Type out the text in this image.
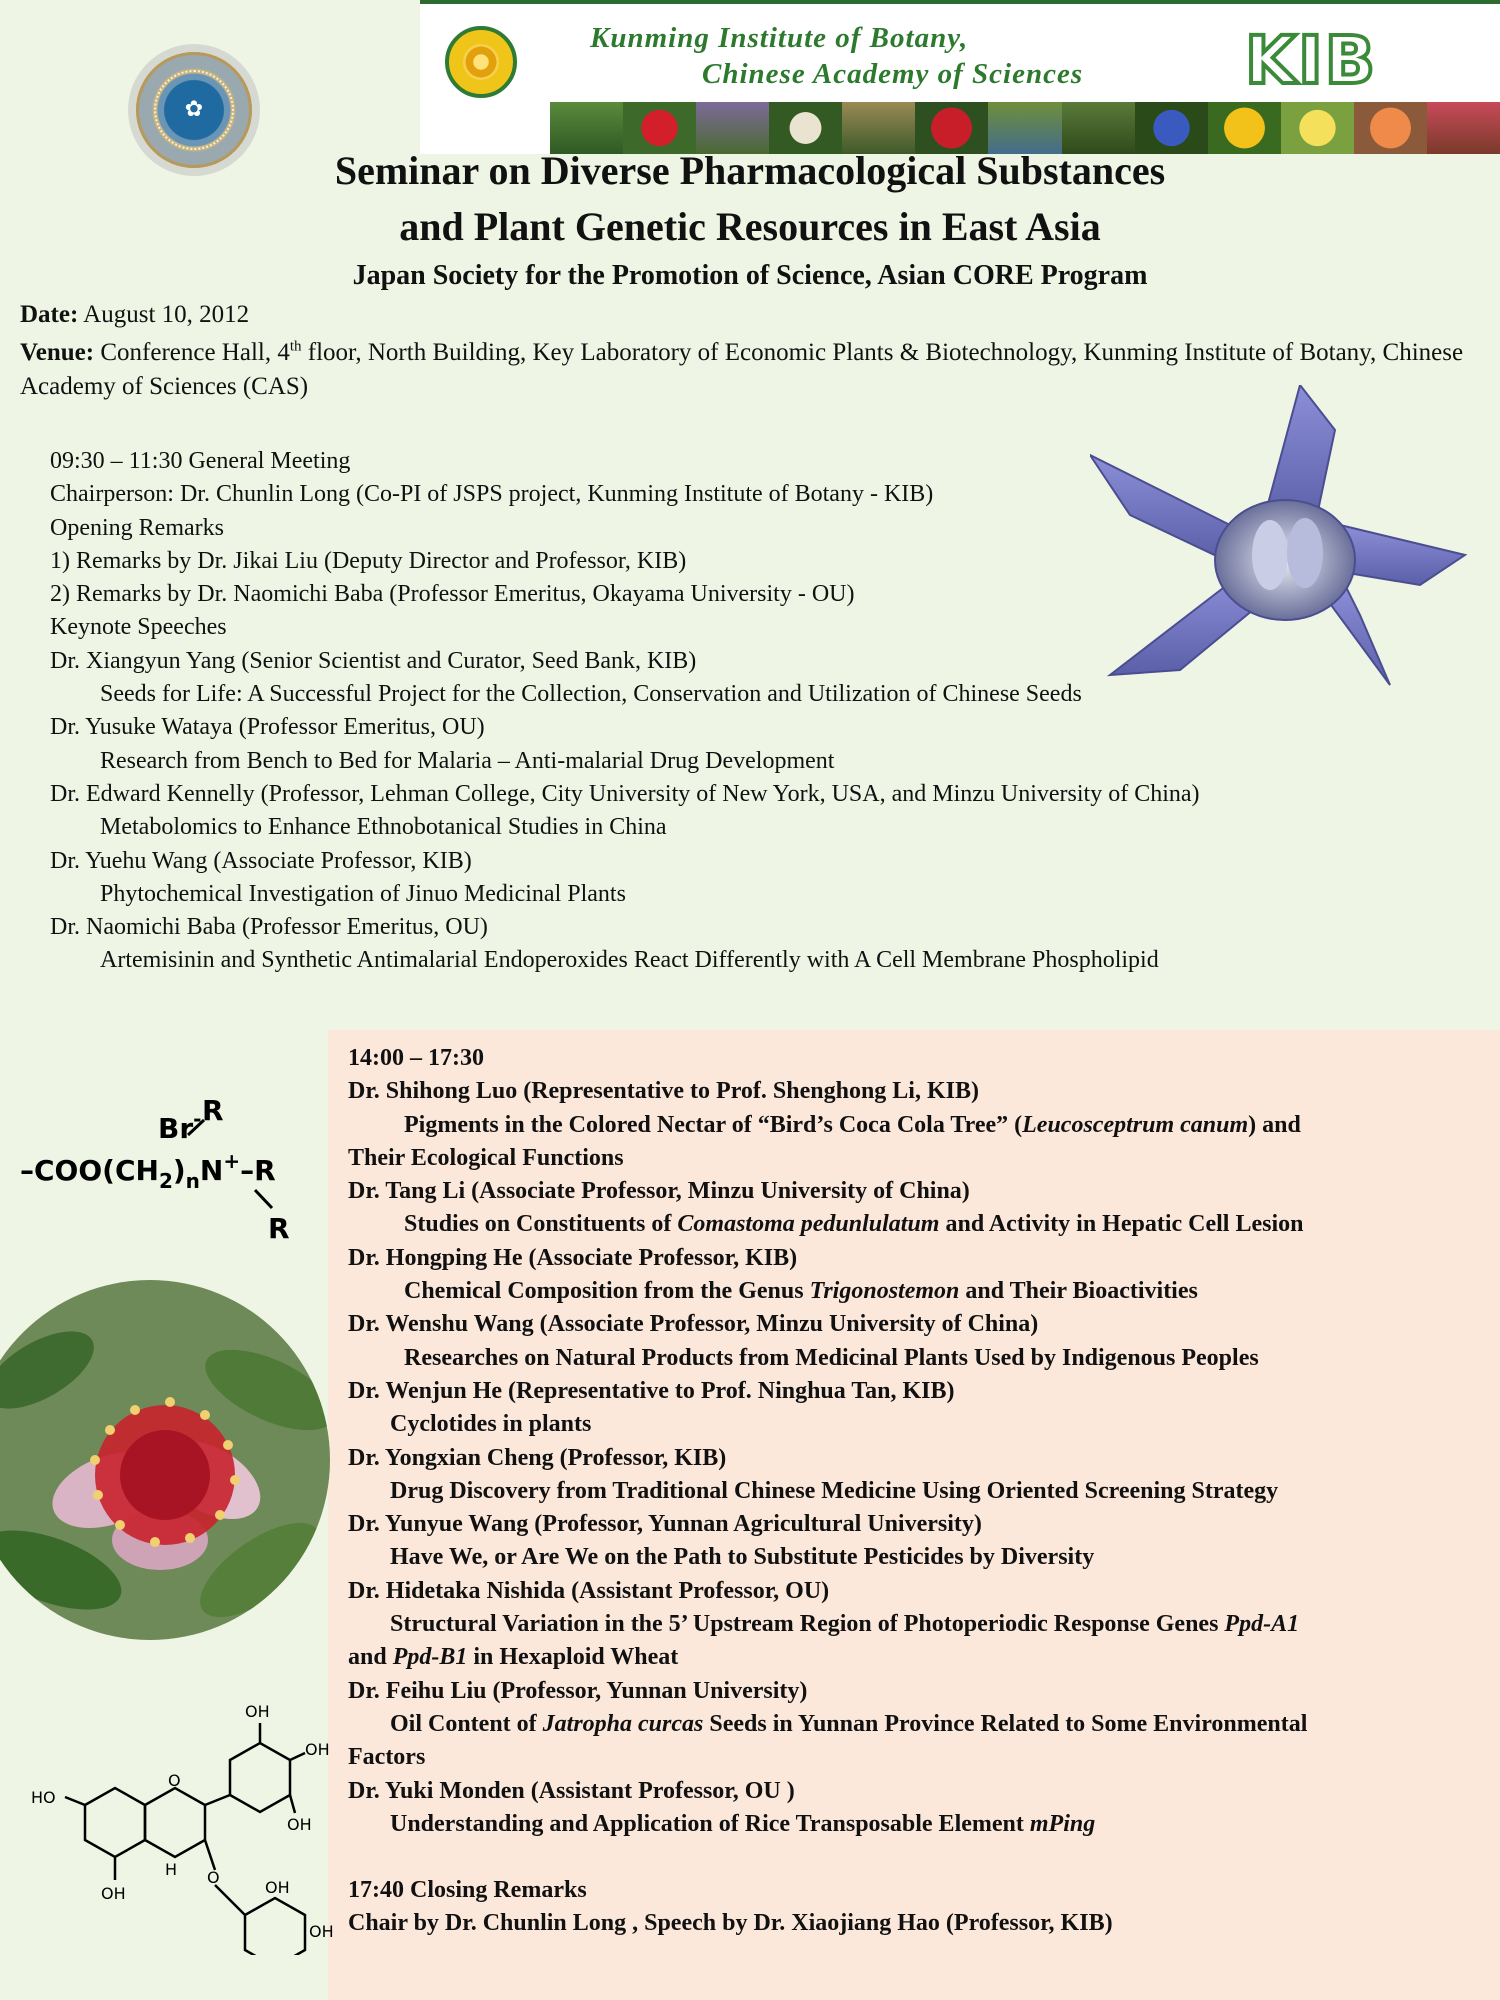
✿
Kunming Institute of Botany,
Chinese Academy of Sciences KIB
Seminar on Diverse Pharmacological Substances
and Plant Genetic Resources in East Asia
Japan Society for the Promotion of Science, Asian CORE Program
Date: August 10, 2012
Venue: Conference Hall, 4th floor, North Building, Key Laboratory of Economic Plants & Biotechnology, Kunming Institute of Botany, Chinese Academy of Sciences (CAS)
09:30 – 11:30 General Meeting
Chairperson: Dr. Chunlin Long (Co-PI of JSPS project, Kunming Institute of Botany - KIB)
Opening Remarks
1) Remarks by Dr. Jikai Liu (Deputy Director and Professor, KIB)
2) Remarks by Dr. Naomichi Baba (Professor Emeritus, Okayama University - OU)
Keynote Speeches
Dr. Xiangyun Yang (Senior Scientist and Curator, Seed Bank, KIB)
Seeds for Life: A Successful Project for the Collection, Conservation and Utilization of Chinese Seeds
Dr. Yusuke Wataya (Professor Emeritus, OU)
Research from Bench to Bed for Malaria – Anti-malarial Drug Development
Dr. Edward Kennelly (Professor, Lehman College, City University of New York, USA, and Minzu University of China)
Metabolomics to Enhance Ethnobotanical Studies in China
Dr. Yuehu Wang (Associate Professor, KIB)
Phytochemical Investigation of Jinuo Medicinal Plants
Dr. Naomichi Baba (Professor Emeritus, OU)
Artemisinin and Synthetic Antimalarial Endoperoxides React Differently with A Cell Membrane Phospholipid
14:00 – 17:30
Dr. Shihong Luo (Representative to Prof. Shenghong Li, KIB)
Pigments in the Colored Nectar of “Bird’s Coca Cola Tree” (Leucosceptrum canum) and
Their Ecological Functions
Dr. Tang Li (Associate Professor, Minzu University of China)
Studies on Constituents of Comastoma pedunlulatum and Activity in Hepatic Cell Lesion
Dr. Hongping He (Associate Professor, KIB)
Chemical Composition from the Genus Trigonostemon and Their Bioactivities
Dr. Wenshu Wang (Associate Professor, Minzu University of China)
Researches on Natural Products from Medicinal Plants Used by Indigenous Peoples
Dr. Wenjun He (Representative to Prof. Ninghua Tan, KIB)
Cyclotides in plants
Dr. Yongxian Cheng (Professor, KIB)
Drug Discovery from Traditional Chinese Medicine Using Oriented Screening Strategy
Dr. Yunyue Wang (Professor, Yunnan Agricultural University)
Have We, or Are We on the Path to Substitute Pesticides by Diversity
Dr. Hidetaka Nishida (Assistant Professor, OU)
Structural Variation in the 5’ Upstream Region of Photoperiodic Response Genes Ppd-A1
and Ppd-B1 in Hexaploid Wheat
Dr. Feihu Liu (Professor, Yunnan University)
Oil Content of Jatropha curcas Seeds in Yunnan Province Related to Some Environmental
Factors
Dr. Yuki Monden (Assistant Professor, OU )
Understanding and Application of Rice Transposable Element mPing
17:40 Closing Remarks
Chair by Dr. Chunlin Long , Speech by Dr. Xiaojiang Hao (Professor, KIB)
R
Br-
$-COO(CH_2)_nN^+-R$
R
OH
OH
OH
HO
OH
O
O
H
OH
OH
